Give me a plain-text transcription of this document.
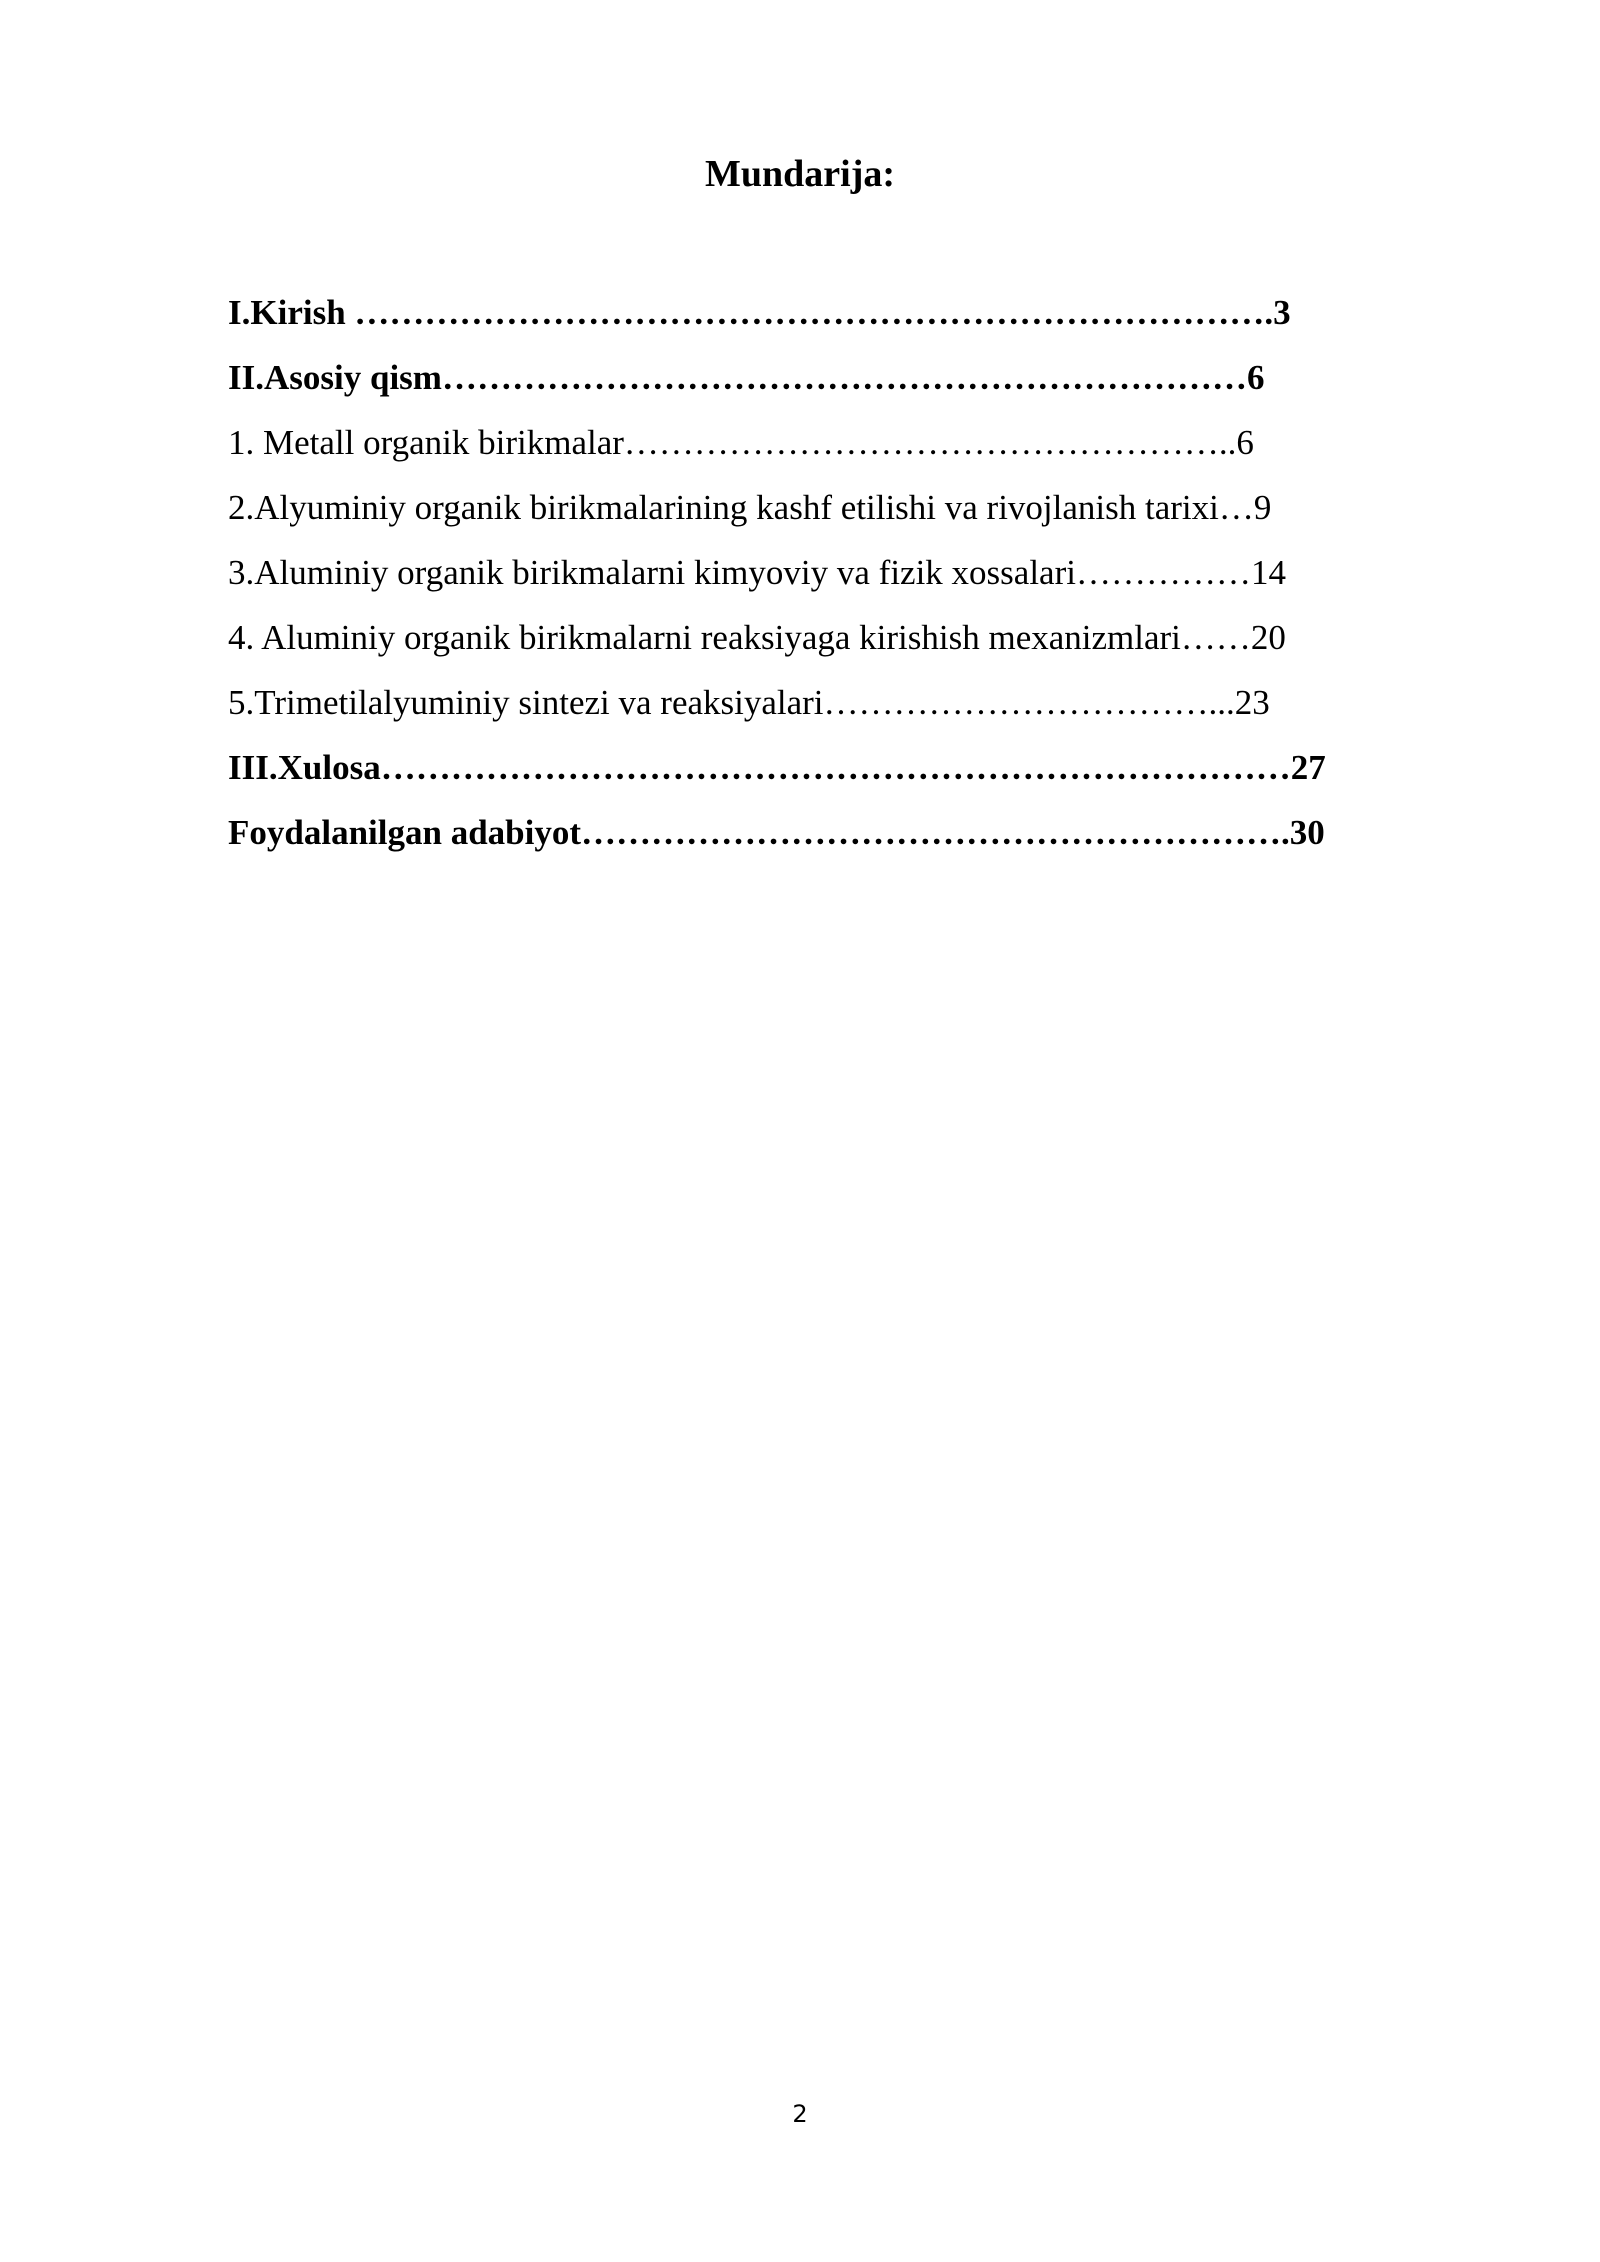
Mundarija:
I.Kirish …………………………………………………………………….3
II.Asosiy qism……………………………………………………………6
1. Metall organik birikmalar……………………………………………..6
2.Alyuminiy organik birikmalarining kashf etilishi va rivojlanish tarixi…9
3.Aluminiy organik birikmalarni kimyoviy va fizik xossalari……………14
4. Aluminiy organik birikmalarni reaksiyaga kirishish mexanizmlari……20
5.Trimetilalyuminiy sintezi va reaksiyalari……………………………...23
III.Xulosa……………………………………………………………………27
Foydalanilgan adabiyot…………………………………………………….30
2
